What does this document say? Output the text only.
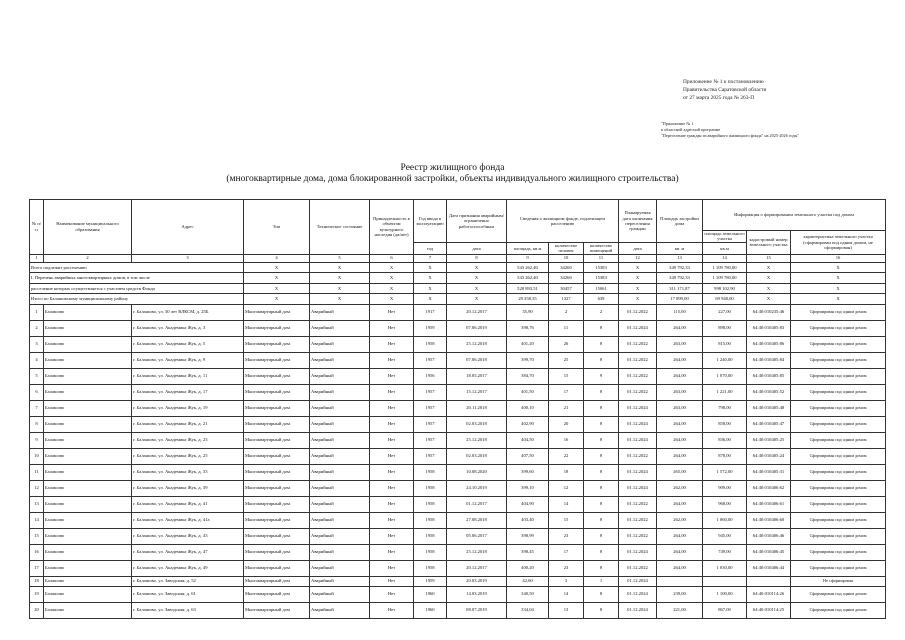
Приложение № 1 к постановлению
Правительства Саратовской области
от 27 марта 2025 года № 263-П
"Приложение № 1
к областной адресной программе
"Переселение граждан из аварийного жилищного фонда" на 2025-2026 годы"
Реестр жилищного фонда
(многоквартирные дома, дома блокированной застройки, объекты индивидуального жилищного строительства)
№ п/п	Наименование муниципального образования	Адрес	Тип	Техническое состояние	Принадлежность к объектам культурного наследия (да/нет)	Год ввода в эксплуатацию	Дата признания аварийным/ограниченно работоспособным	Сведения о жилищном фонде, подлежащем расселению			Планируемая дата окончания переселения граждан	Площадь застройки дома	Информация о формировании земельного участка под домом		
													площадь земельного участка	кадастровый номер земельного участка	характеристика земельного участка (сформирован под одним домом, не сформирован)
						год	дата	площадь, кв.м	количество человек	количество помещений	дата	кв. м	кв.м		
1	2	3	4	5	6	7	8	9	10	11	12	13	14	15	16
Всего подлежит расселению			X	X	X	X	X	543 262,40	34260	15383	X	349 792,33	1 109 780,00	X	X
I. Перечень аварийных многоквартирных домов, в том числе			X	X	X	X	X	543 262,40	34260	15383	X	349 792,33	1 109 780,00	X	X
расселение которых осуществляется с участием средств Фонда			X	X	X	X	X	528 893,51	30457	15061	X	311 171,87	998 102,90	X	X
Итого по Балашовскому муниципальному району			X	X	X	X	X	29 358,35	1327	639	X	17 899,00	69 948,00	X	X
1	Балашово	г. Балашово, ул. 30 лет ВЛКСМ, д. 25Б	Многоквартирный дом	Аварийный	Нет	1917	20.12.2017	35,90	2	2	01.12.2022	115,00	227,00	64:40:010235:46	Сформирован под одним домом
2	Балашово	г. Балашово, ул. Академика Жук, д. 3	Многоквартирный дом	Аварийный	Нет	1959	07.06.2019	398,76	11	8	01.12.2024	264,00	898,00	64:40:010405:83	Сформирован под одним домом
3	Балашово	г. Балашово, ул. Академика Жук, д. 5	Многоквартирный дом	Аварийный	Нет	1958	25.12.2018	401,20	26	8	01.12.2022	263,00	815,00	64:40:010405:86	Сформирован под одним домом
4	Балашово	г. Балашово, ул. Академика Жук, д. 9	Многоквартирный дом	Аварийный	Нет	1957	07.06.2018	399,70	25	8	01.12.2022	264,00	1 240,00	64:40:010405:84	Сформирован под одним домом
5	Балашово	г. Балашово, ул. Академика Жук, д. 11	Многоквартирный дом	Аварийный	Нет	1956	18.05.2017	384,70	15	9	01.12.2022	264,00	1 070,00	64:40:010405:85	Сформирован под одним домом
6	Балашово	г. Балашово, ул. Академика Жук, д. 17	Многоквартирный дом	Аварийный	Нет	1957	15.12.2017	401,50	17	8	01.12.2022	263,00	1 221,00	64:40:010405:52	Сформирован под одним домом
7	Балашово	г. Балашово, ул. Академика Жук, д. 19	Многоквартирный дом	Аварийный	Нет	1957	20.11.2018	400,10	21	8	01.12.2024	263,00	798,00	64:40:010405:48	Сформирован под одним домом
8	Балашово	г. Балашово, ул. Академика Жук, д. 21	Многоквартирный дом	Аварийный	Нет	1957	02.03.2018	402,90	20	8	01.12.2024	264,00	858,00	64:40:010405:47	Сформирован под одним домом
9	Балашово	г. Балашово, ул. Академика Жук, д. 23	Многоквартирный дом	Аварийный	Нет	1957	25.12.2018	404,50	16	8	01.12.2024	264,00	836,00	64:40:010405:25	Сформирован под одним домом
10	Балашово	г. Балашово, ул. Академика Жук, д. 25	Многоквартирный дом	Аварийный	Нет	1957	02.03.2018	407,50	22	8	01.12.2022	264,00	878,00	64:40:010405:24	Сформирован под одним домом
11	Балашово	г. Балашово, ул. Академика Жук, д. 33	Многоквартирный дом	Аварийный	Нет	1958	10.08.2020	399,60	18	8	01.12.2024	265,00	1 572,00	64:40:010405:31	Сформирован под одним домом
12	Балашово	г. Балашово, ул. Академика Жук, д. 39	Многоквартирный дом	Аварийный	Нет	1958	24.10.2019	399,10	12	8	01.12.2024	262,00	909,00	64:40:010406:62	Сформирован под одним домом
13	Балашово	г. Балашово, ул. Академика Жук, д. 41	Многоквартирный дом	Аварийный	Нет	1958	01.12.2017	404,90	14	8	01.12.2022	264,00	968,00	64:40:010406:61	Сформирован под одним домом
14	Балашово	г. Балашово, ул. Академика Жук, д. 41а	Многоквартирный дом	Аварийный	Нет	1958	27.08.2018	403,40	15	8	01.12.2022	262,00	1 060,00	64:40:010406:60	Сформирован под одним домом
15	Балашово	г. Балашово, ул. Академика Жук, д. 43	Многоквартирный дом	Аварийный	Нет	1958	05.06.2017	398,99	23	8	01.12.2022	264,00	945,00	64:40:010406:46	Сформирован под одним домом
16	Балашово	г. Балашово, ул. Академика Жук, д. 47	Многоквартирный дом	Аварийный	Нет	1958	25.12.2018	398,45	17	8	01.12.2024	264,00	749,00	64:40:010406:45	Сформирован под одним домом
17	Балашово	г. Балашово, ул. Академика Жук, д. 49	Многоквартирный дом	Аварийный	Нет	1958	20.12.2017	400,20	23	8	01.12.2022	264,00	1 030,00	64:40:010406:44	Сформирован под одним домом
18	Балашово	г. Балашово, ул. Заводская, д. 52	Многоквартирный дом	Аварийный	Нет	1959	20.03.2019	42,60	3	1	01.12.2024				Не сформирован
19	Балашово	г. Балашово, ул. Заводская, д. 61	Многоквартирный дом	Аварийный	Нет	1960	14.03.2019	340,50	14	8	01.12.2024	239,00	1 100,00	64:40:010114:26	Сформирован под одним домом
20	Балашово	г. Балашово, ул. Заводская, д. 63	Многоквартирный дом	Аварийный	Нет	1960	08.07.2019	334,04	13	8	01.12.2024	221,00	867,00	64:40:010114:25	Сформирован под одним домом
